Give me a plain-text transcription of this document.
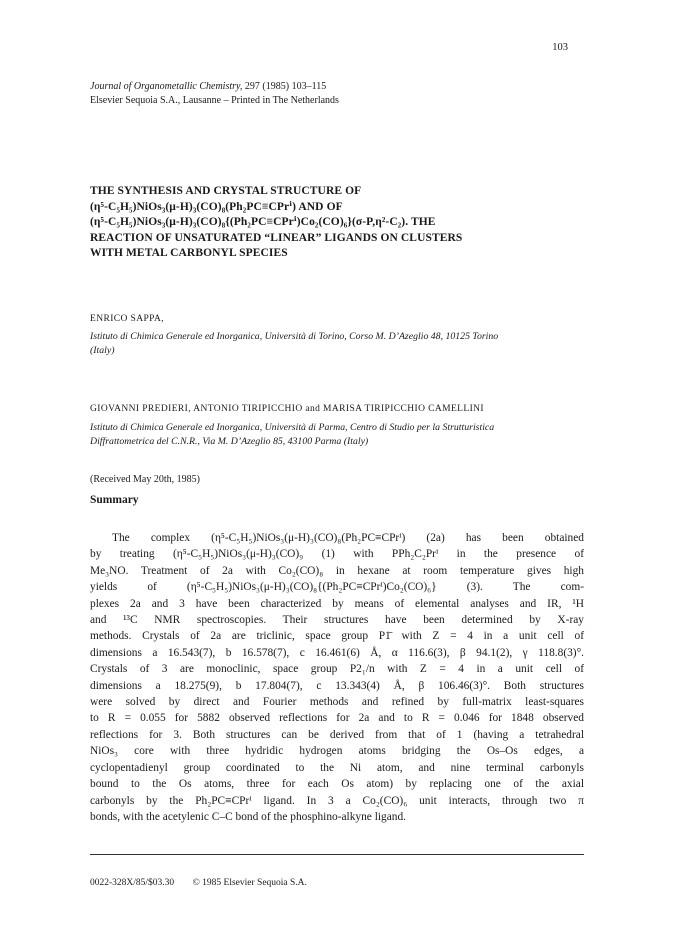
103
Journal of Organometallic Chemistry, 297 (1985) 103–115
Elsevier Sequoia S.A., Lausanne – Printed in The Netherlands
THE SYNTHESIS AND CRYSTAL STRUCTURE OF
(η⁵-C₅H₅)NiOs₃(μ-H)₃(CO)₈(Ph₂PC≡CPrⁱ) AND OF
(η⁵-C₅H₅)NiOs₃(μ-H)₃(CO)₈{(Ph₂PC≡CPrⁱ)Co₂(CO)₆}(σ-P,η²-C₂). THE
REACTION OF UNSATURATED “LINEAR” LIGANDS ON CLUSTERS
WITH METAL CARBONYL SPECIES
ENRICO SAPPA,
Istituto di Chimica Generale ed Inorganica, Università di Torino, Corso M. D’Azeglio 48, 10125 Torino
(Italy)
GIOVANNI PREDIERI, ANTONIO TIRIPICCHIO and MARISA TIRIPICCHIO CAMELLINI
Istituto di Chimica Generale ed Inorganica, Università di Parma, Centro di Studio per la Strutturistica
Diffrattometrica del C.N.R., Via M. D’Azeglio 85, 43100 Parma (Italy)
(Received May 20th, 1985)
Summary
The complex (η⁵-C₅H₅)NiOs₃(μ-H)₃(CO)₈(Ph₂PC≡CPrⁱ) (2a) has been obtained
by treating (η⁵-C₅H₅)NiOs₃(μ-H)₃(CO)₉ (1) with PPh₂C₂Prⁱ in the presence of
Me₃NO. Treatment of 2a with Co₂(CO)₈ in hexane at room temperature gives high
yields of (η⁵-C₅H₅)NiOs₃(μ-H)₃(CO)₈{(Ph₂PC≡CPrⁱ)Co₂(CO)₆} (3). The com-
plexes 2a and 3 have been characterized by means of elemental analyses and IR, ¹H
and ¹³C NMR spectroscopies. Their structures have been determined by X-ray
methods. Crystals of 2a are triclinic, space group P1̄ with Z = 4 in a unit cell of
dimensions a 16.543(7), b 16.578(7), c 16.461(6) Å, α 116.6(3), β 94.1(2), γ 118.8(3)°.
Crystals of 3 are monoclinic, space group P2₁/n with Z = 4 in a unit cell of
dimensions a 18.275(9), b 17.804(7), c 13.343(4) Å, β 106.46(3)°. Both structures
were solved by direct and Fourier methods and refined by full-matrix least-squares
to R = 0.055 for 5882 observed reflections for 2a and to R = 0.046 for 1848 observed
reflections for 3. Both structures can be derived from that of 1 (having a tetrahedral
NiOs₃ core with three hydridic hydrogen atoms bridging the Os–Os edges, a
cyclopentadienyl group coordinated to the Ni atom, and nine terminal carbonyls
bound to the Os atoms, three for each Os atom) by replacing one of the axial
carbonyls by the Ph₂PC≡CPrⁱ ligand. In 3 a Co₂(CO)₆ unit interacts, through two π
bonds, with the acetylenic C–C bond of the phosphino-alkyne ligand.
0022-328X/85/$03.30 © 1985 Elsevier Sequoia S.A.
